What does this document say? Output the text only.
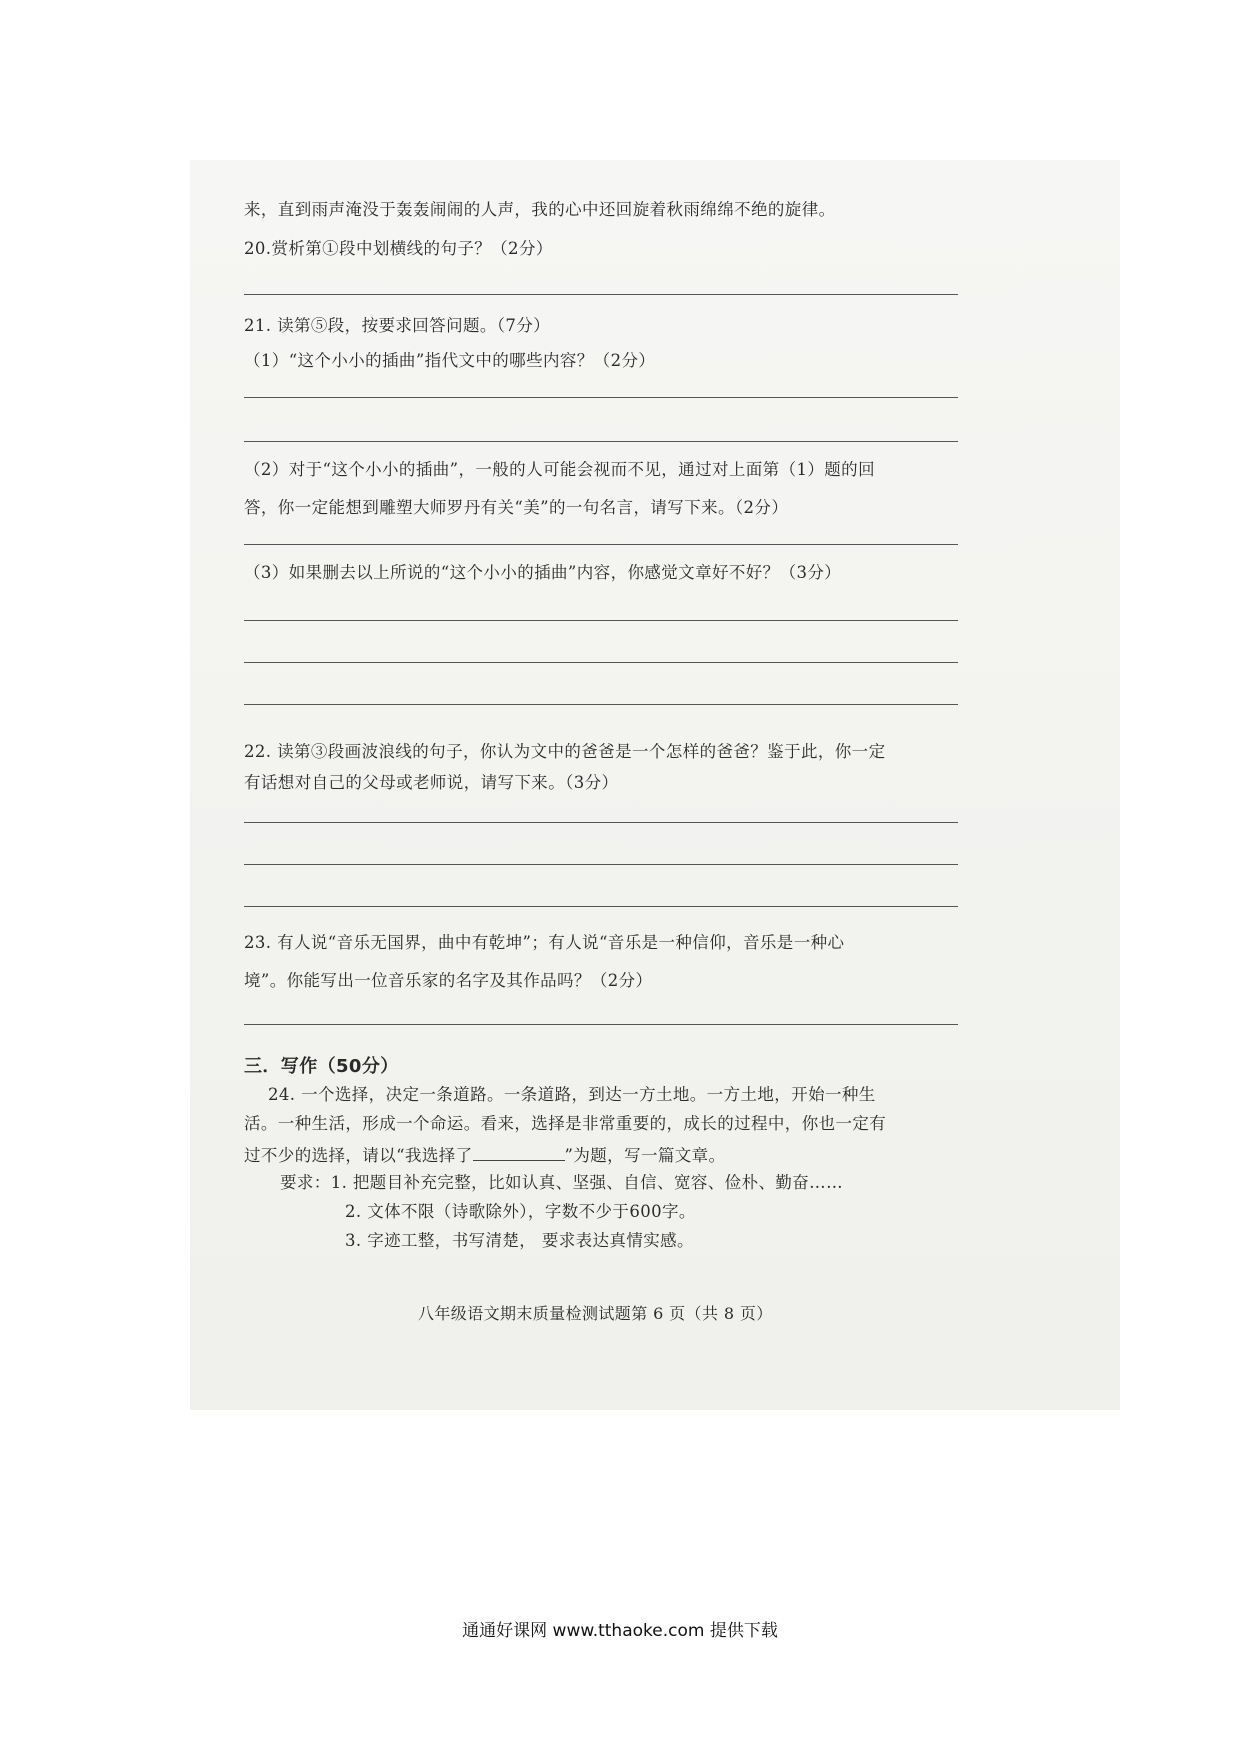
来，直到雨声淹没于轰轰闹闹的人声，我的心中还回旋着秋雨绵绵不绝的旋律。
20.赏析第①段中划横线的句子？（2分）
21. 读第⑤段，按要求回答问题。（7分）
（1）“这个小小的插曲”指代文中的哪些内容？（2分）
（2）对于“这个小小的插曲”，一般的人可能会视而不见，通过对上面第（1）题的回
答，你一定能想到雕塑大师罗丹有关“美”的一句名言，请写下来。（2分）
（3）如果删去以上所说的“这个小小的插曲”内容，你感觉文章好不好？（3分）
22. 读第③段画波浪线的句子，你认为文中的爸爸是一个怎样的爸爸？鉴于此，你一定
有话想对自己的父母或老师说，请写下来。（3分）
23. 有人说“音乐无国界，曲中有乾坤”；有人说“音乐是一种信仰，音乐是一种心
境”。你能写出一位音乐家的名字及其作品吗？（2分）
三．写作（50分）
24. 一个选择，决定一条道路。一条道路，到达一方土地。一方土地，开始一种生
活。一种生活，形成一个命运。看来，选择是非常重要的，成长的过程中，你也一定有
过不少的选择，请以“我选择了	”为题，写一篇文章。
要求：1. 把题目补充完整，比如认真、坚强、自信、宽容、俭朴、勤奋……
2. 文体不限（诗歌除外），字数不少于600字。
3. 字迹工整，书写清楚， 要求表达真情实感。
八年级语文期末质量检测试题第 6 页（共 8 页）
通通好课网 www.tthaoke.com 提供下载
